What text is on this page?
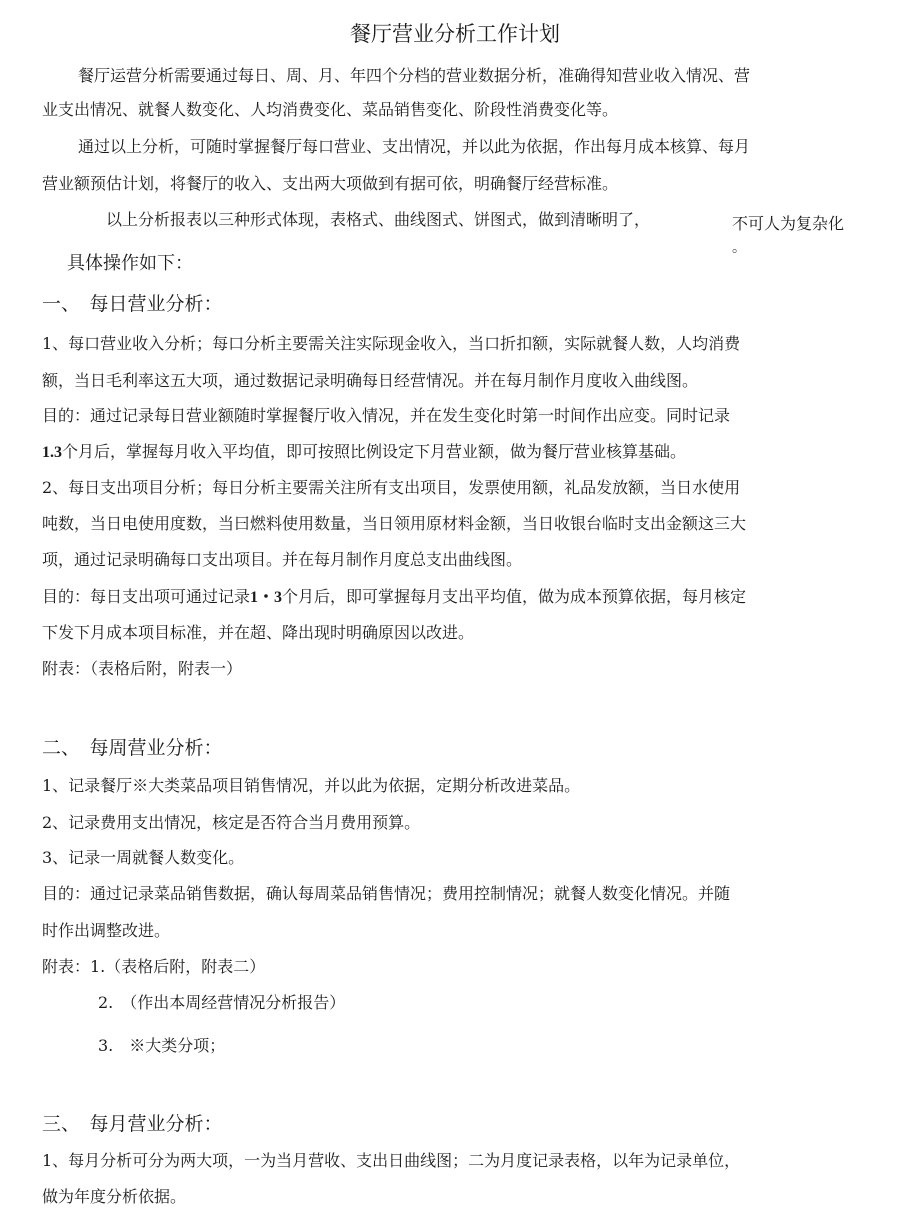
餐厅营业分析工作计划
餐厅运营分析需要通过每日、周、月、年四个分档的营业数据分析，准确得知营业收入情况、营
业支出情况、就餐人数变化、人均消费变化、菜品销售变化、阶段性消费变化等。
通过以上分析，可随时掌握餐厅每口营业、支出情况，并以此为依据，作出每月成本核算、每月
营业额预估计划，将餐厅的收入、支出两大项做到有据可依，明确餐厅经营标准。
以上分析报表以三种形式体现，表格式、曲线图式、饼图式，做到清晰明了，	不可人为复杂化
。
具体操作如下：
一、　每日营业分析：
1、每口营业收入分析；每口分析主要需关注实际现金收入，当口折扣额，实际就餐人数，人均消费
额，当日毛利率这五大项，通过数据记录明确每日经营情况。并在每月制作月度收入曲线图。
目的：通过记录每日营业额随时掌握餐厅收入情况，并在发生变化时第一时间作出应变。同时记录
1.3个月后，掌握每月收入平均值，即可按照比例设定下月营业额，做为餐厅营业核算基础。
2、每日支出项目分析；每日分析主要需关注所有支出项目，发票使用额，礼品发放额，当日水使用
吨数，当日电使用度数，当曰燃料使用数量，当日领用原材料金额，当日收银台临时支出金额这三大
项，通过记录明确每口支出项目。并在每月制作月度总支出曲线图。
目的：每日支出项可通过记录1・3个月后，即可掌握每月支出平均值，做为成本预算依据，每月核定
下发下月成本项目标准，并在超、降出现时明确原因以改进。
附表：（表格后附，附表一）
二、　每周营业分析：
1、记录餐厅※大类菜品项目销售情况，并以此为依据，定期分析改进菜品。
2、记录费用支出情况，核定是否符合当月费用预算。
3、记录一周就餐人数变化。
目的：通过记录菜品销售数据，确认每周菜品销售情况；费用控制情况；就餐人数变化情况。并随
时作出调整改进。
附表：1.（表格后附，附表二）
2.　（作出本周经营情况分析报告）
3.　※大类分项；
三、　每月营业分析：
1、每月分析可分为两大项，一为当月营收、支出日曲线图；二为月度记录表格，以年为记录单位，
做为年度分析依据。
